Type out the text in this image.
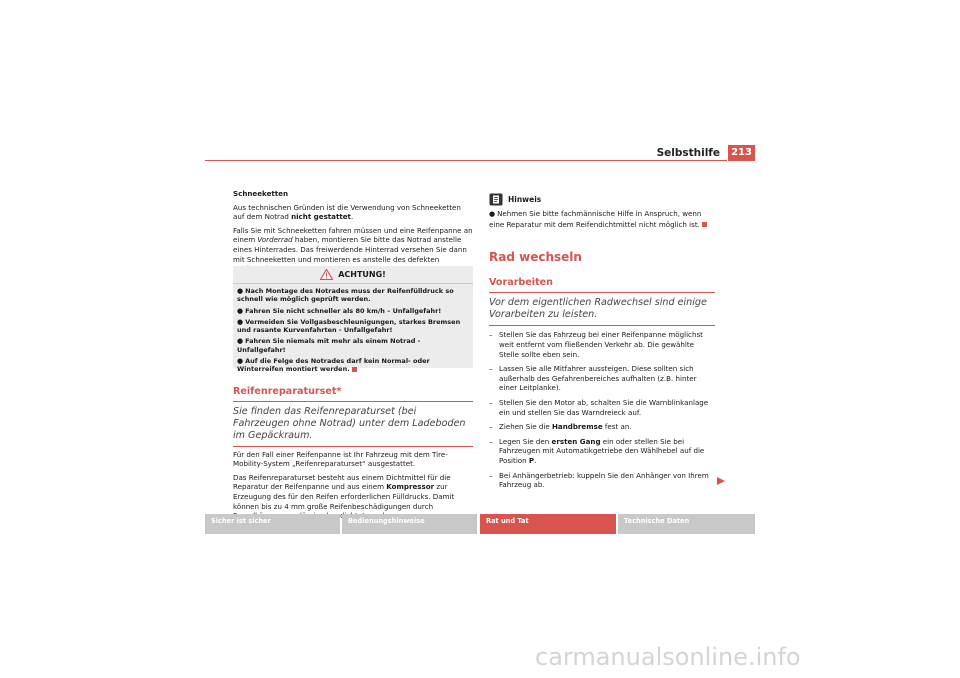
Selbsthilfe	213

Schneeketten

Aus technischen Gründen ist die Verwendung von Schneeketten auf dem Notrad nicht gestattet.

Falls Sie mit Schneeketten fahren müssen und eine Reifenpanne an einem Vorderrad haben, montieren Sie bitte das Notrad anstelle eines Hinterrades. Das freiwerdende Hinterrad versehen Sie dann mit Schneeketten und montieren es anstelle des defekten

ACHTUNG!
● Nach Montage des Notrades muss der Reifenfülldruck so schnell wie möglich geprüft werden.
● Fahren Sie nicht schneller als 80 km/h – Unfallgefahr!
● Vermeiden Sie Vollgasbeschleunigungen, starkes Bremsen und rasante Kurvenfahrten - Unfallgefahr!
● Fahren Sie niemals mit mehr als einem Notrad - Unfallgefahr!
● Auf die Felge des Notrades darf kein Normal- oder Winterreifen montiert werden.
Reifenreparaturset*
Sie finden das Reifenreparaturset (bei Fahrzeugen ohne Notrad) unter dem Ladeboden im Gepäckraum.

Für den Fall einer Reifenpanne ist Ihr Fahrzeug mit dem Tire-Mobility-System „Reifenreparaturset“ ausgestattet.

Das Reifenreparaturset besteht aus einem Dichtmittel für die Reparatur der Reifenpanne und aus einem Kompressor zur Erzeugung des für den Reifen erforderlichen Fülldrucks. Damit können bis zu 4 mm große Reifenbeschädigungen durch

Hinweis
● Nehmen Sie bitte fachmännische Hilfe in Anspruch, wenn eine Reparatur mit dem Reifendichtmittel nicht möglich ist.
Rad wechseln
Vorarbeiten
Vor dem eigentlichen Radwechsel sind einige Vorarbeiten zu leisten.
– Stellen Sie das Fahrzeug bei einer Reifenpanne möglichst weit entfernt vom fließenden Verkehr ab. Die gewählte Stelle sollte eben sein.
– Lassen Sie alle Mitfahrer aussteigen. Diese sollten sich außerhalb des Gefahrenbereiches aufhalten (z.B. hinter einer Leitplanke).
– Stellen Sie den Motor ab, schalten Sie die Warnblinkanlage ein und stellen Sie das Warndreieck auf.
– Ziehen Sie die Handbremse fest an.
– Legen Sie den ersten Gang ein oder stellen Sie bei Fahrzeugen mit Automatikgetriebe den Wählhebel auf die Position P.
– Bei Anhängerbetrieb: kuppeln Sie den Anhänger von Ihrem Fahrzeug ab.
Sicher ist sicher	Bedienungshinweise	Rat und Tat	Technische Daten
carmanualsonline.info
